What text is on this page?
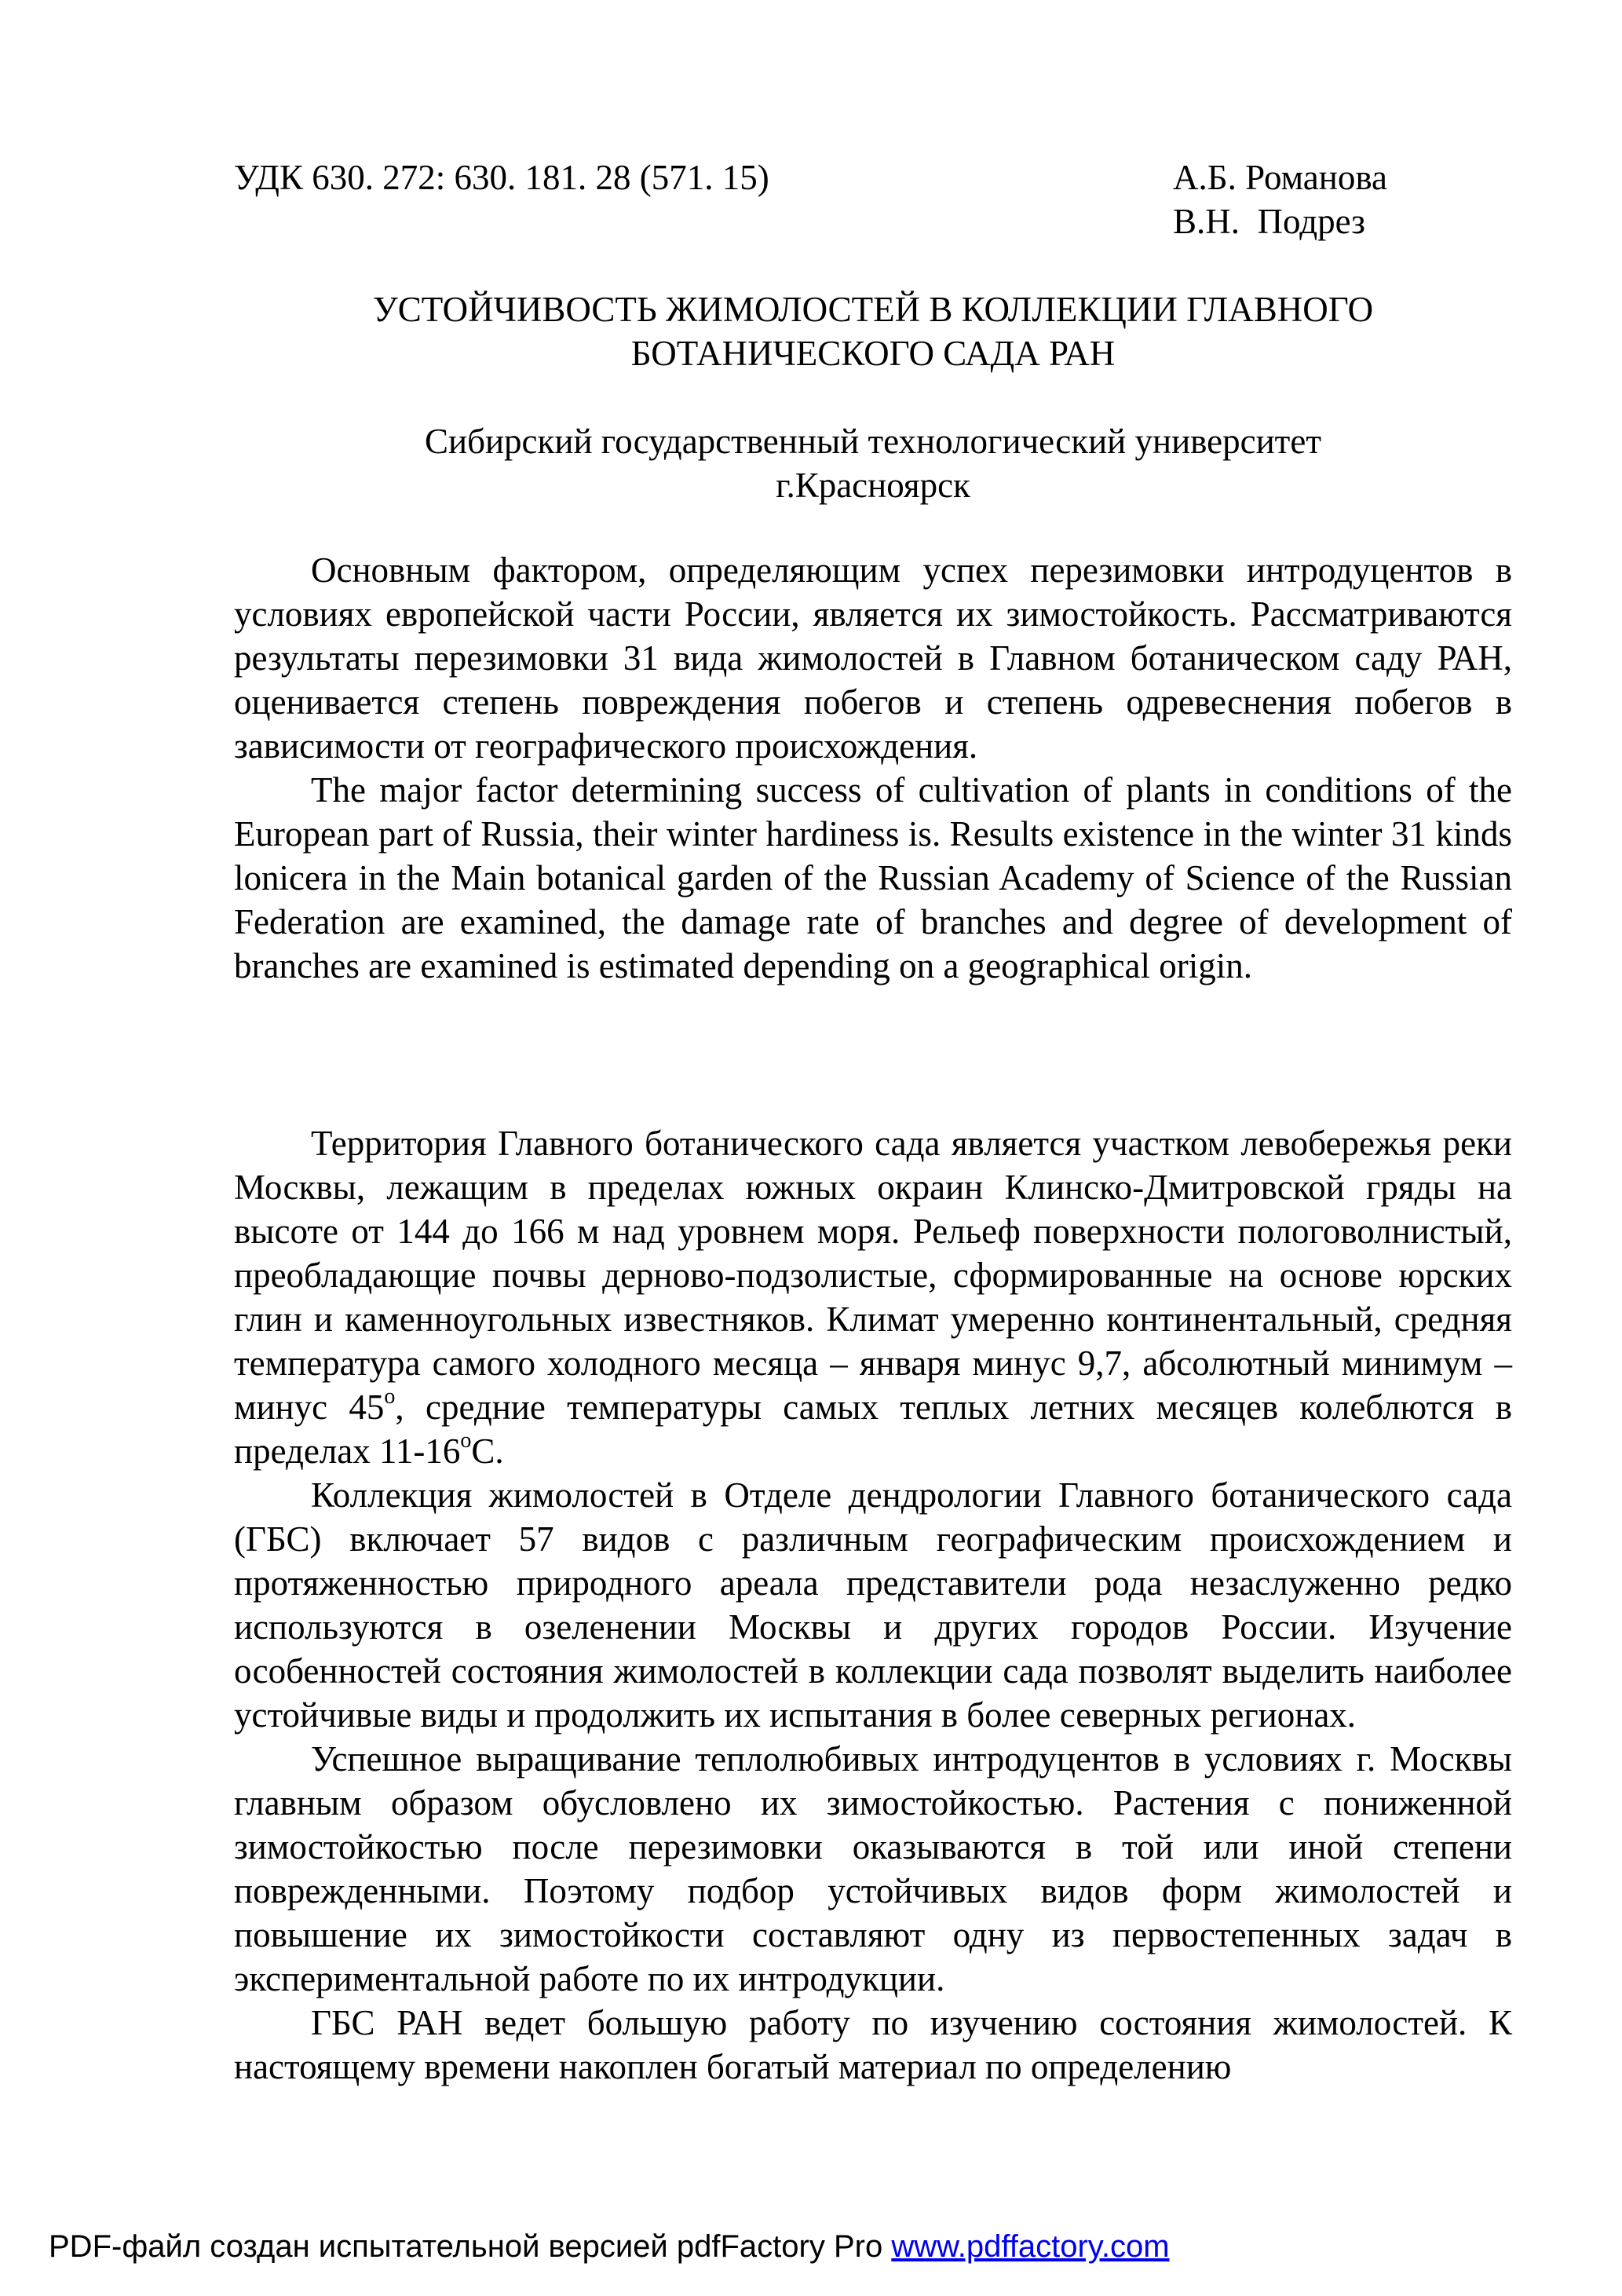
УДК 630. 272: 630. 181. 28 (571. 15)	А.Б. Романова
В.Н.  Подрез
УСТОЙЧИВОСТЬ ЖИМОЛОСТЕЙ В КОЛЛЕКЦИИ ГЛАВНОГО
БОТАНИЧЕСКОГО САДА РАН
Сибирский государственный технологический университет
г.Красноярск

Основным фактором, определяющим успех перезимовки интродуцентов в условиях европейской части России, является их зимостойкость. Рассматриваются результаты перезимовки 31 вида жимолостей в Главном ботаническом саду РАН, оценивается степень повреждения побегов и степень одревеснения побегов в зависимости от географического происхождения.

The major factor determining success of cultivation of plants in conditions of the European part of Russia, their winter hardiness is. Results existence in the winter 31 kinds lonicera in the Main botanical garden of the Russian Academy of Science of the Russian Federation are examined, the damage rate of branches and degree of development of branches are examined is estimated depending on a geographical origin.

Территория Главного ботанического сада является участком левобережья реки Москвы, лежащим в пределах южных окраин Клинско-Дмитровской гряды на высоте от 144 до 166 м над уровнем моря. Рельеф поверхности пологоволнистый, преобладающие почвы дерново-подзолистые, сформированные на основе юрских глин и каменноугольных известняков. Климат умеренно континентальный, средняя температура самого холодного месяца – января минус 9,7, абсолютный минимум – минус $45^о$, средние температуры самых теплых летних месяцев колеблются в пределах $11-16^оС$.

Коллекция жимолостей в Отделе дендрологии Главного ботанического сада (ГБС) включает 57 видов с различным географическим происхождением и протяженностью природного ареала представители рода незаслуженно редко используются в озеленении Москвы и других городов России. Изучение особенностей состояния жимолостей в коллекции сада позволят выделить наиболее устойчивые виды и продолжить их испытания в более северных регионах.

Успешное выращивание теплолюбивых интродуцентов в условиях г. Москвы главным образом обусловлено их зимостойкостью. Растения с пониженной зимостойкостью после перезимовки оказываются в той или иной степени поврежденными. Поэтому подбор устойчивых видов форм жимолостей и повышение их зимостойкости составляют одну из первостепенных задач в экспериментальной работе по их интродукции.

ГБС РАН ведет большую работу по изучению состояния жимолостей. К настоящему времени накоплен богатый материал по определению

PDF-файл создан испытательной версией pdfFactory Pro www.pdffactory.com
